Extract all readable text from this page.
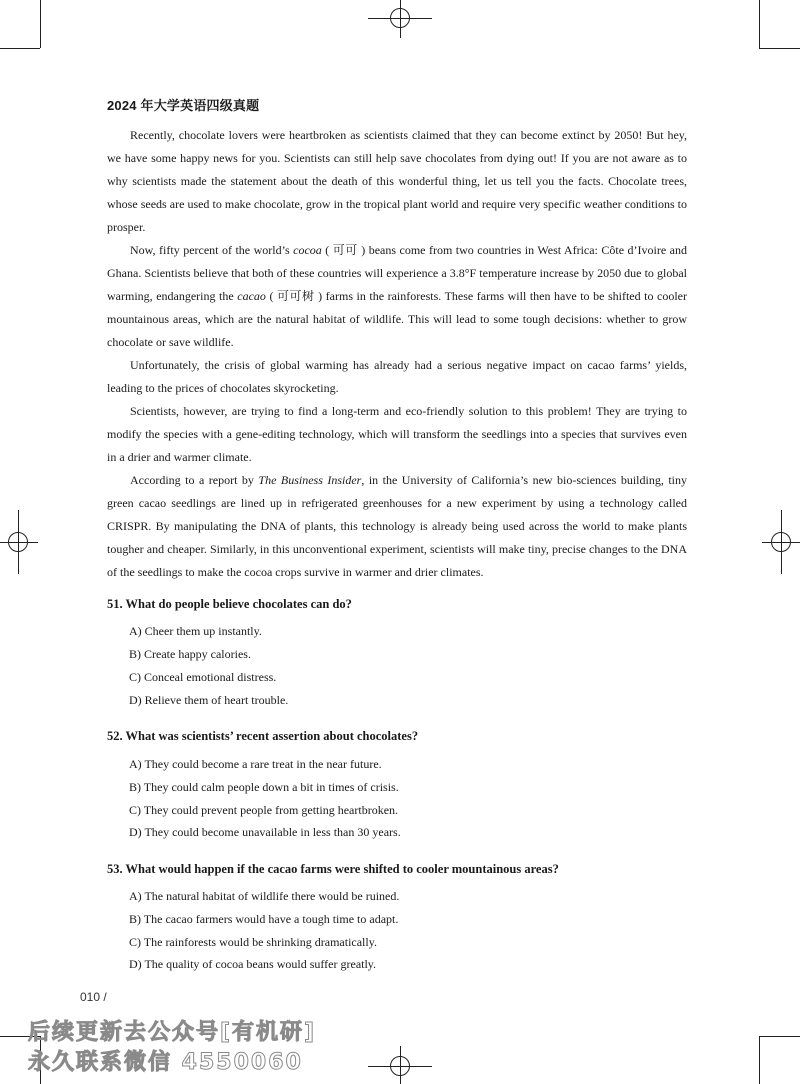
2024 年大学英语四级真题

Recently, chocolate lovers were heartbroken as scientists claimed that they can become extinct by 2050! But hey, we have some happy news for you. Scientists can still help save chocolates from dying out! If you are not aware as to why scientists made the statement about the death of this wonderful thing, let us tell you the facts. Chocolate trees, whose seeds are used to make chocolate, grow in the tropical plant world and require very specific weather conditions to prosper.

Now, fifty percent of the world’s cocoa ( 可可 ) beans come from two countries in West Africa: Côte d’Ivoire and Ghana. Scientists believe that both of these countries will experience a 3.8°F temperature increase by 2050 due to global warming, endangering the cacao ( 可可树 ) farms in the rainforests. These farms will then have to be shifted to cooler mountainous areas, which are the natural habitat of wildlife. This will lead to some tough decisions: whether to grow chocolate or save wildlife.

Unfortunately, the crisis of global warming has already had a serious negative impact on cacao farms’ yields, leading to the prices of chocolates skyrocketing.

Scientists, however, are trying to find a long-term and eco-friendly solution to this problem! They are trying to modify the species with a gene-editing technology, which will transform the seedlings into a species that survives even in a drier and warmer climate.

According to a report by The Business Insider, in the University of California’s new bio-sciences building, tiny green cacao seedlings are lined up in refrigerated greenhouses for a new experiment by using a technology called CRISPR. By manipulating the DNA of plants, this technology is already being used across the world to make plants tougher and cheaper. Similarly, in this unconventional experiment, scientists will make tiny, precise changes to the DNA of the seedlings to make the cocoa crops survive in warmer and drier climates.

51. What do people believe chocolates can do?
A) Cheer them up instantly.
B) Create happy calories.
C) Conceal emotional distress.
D) Relieve them of heart trouble.
52. What was scientists’ recent assertion about chocolates?
A) They could become a rare treat in the near future.
B) They could calm people down a bit in times of crisis.
C) They could prevent people from getting heartbroken.
D) They could become unavailable in less than 30 years.
53. What would happen if the cacao farms were shifted to cooler mountainous areas?
A) The natural habitat of wildlife there would be ruined.
B) The cacao farmers would have a tough time to adapt.
C) The rainforests would be shrinking dramatically.
D) The quality of cocoa beans would suffer greatly.
010 /
后续更新去公众号[有机研]
永久联系微信 4550060
